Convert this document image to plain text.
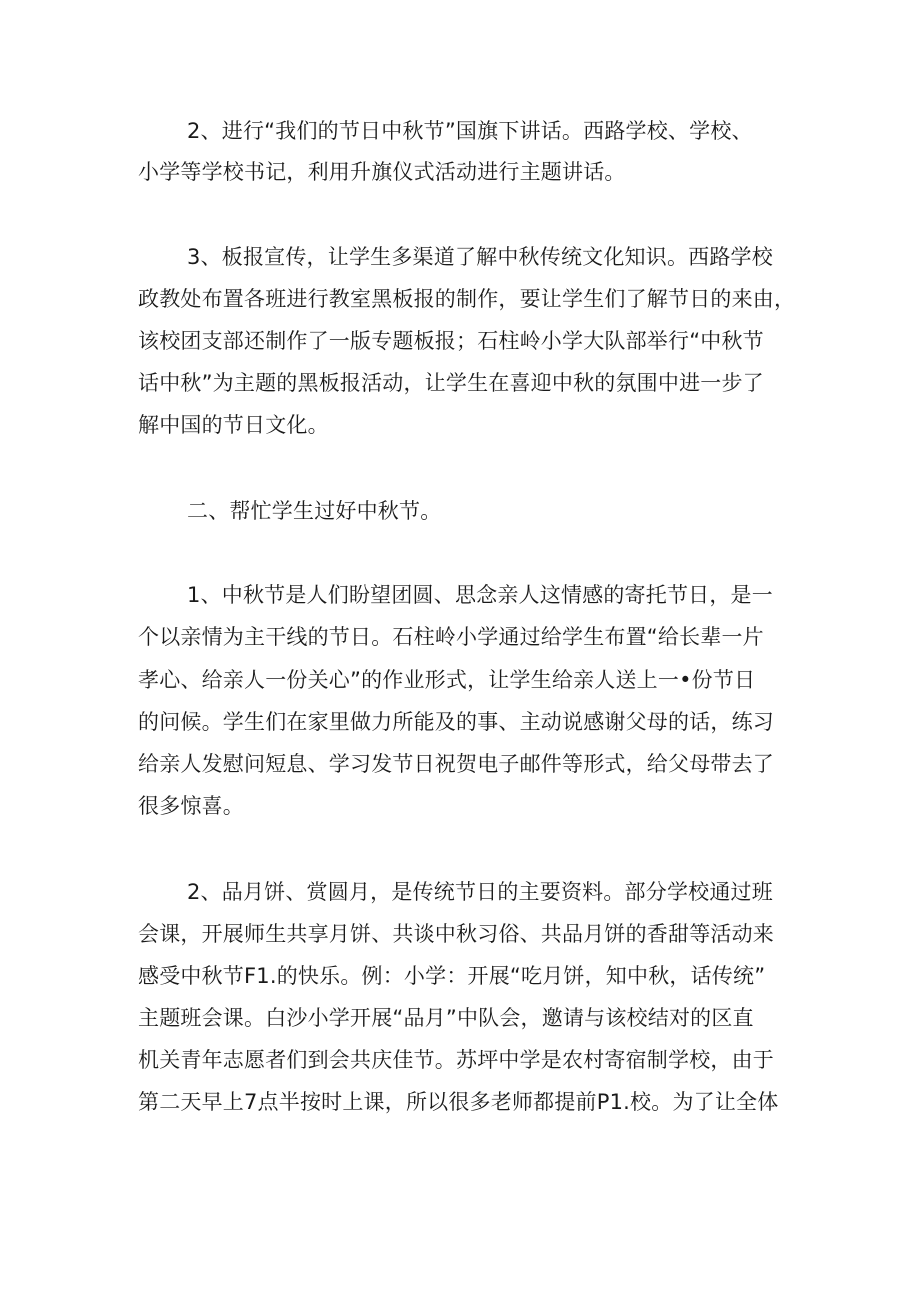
2、进行“我们的节日中秋节”国旗下讲话。西路学校、学校、
小学等学校书记，利用升旗仪式活动进行主题讲话。
3、板报宣传，让学生多渠道了解中秋传统文化知识。西路学校
政教处布置各班进行教室黑板报的制作，要让学生们了解节日的来由，
该校团支部还制作了一版专题板报；石柱岭小学大队部举行“中秋节
话中秋”为主题的黑板报活动，让学生在喜迎中秋的氛围中进一步了
解中国的节日文化。
二、帮忙学生过好中秋节。
1、中秋节是人们盼望团圆、思念亲人这情感的寄托节日，是一
个以亲情为主干线的节日。石柱岭小学通过给学生布置“给长辈一片
孝心、给亲人一份关心”的作业形式，让学生给亲人送上一•份节日
的问候。学生们在家里做力所能及的事、主动说感谢父母的话，练习
给亲人发慰问短息、学习发节日祝贺电子邮件等形式，给父母带去了
很多惊喜。
2、品月饼、赏圆月，是传统节日的主要资料。部分学校通过班
会课，开展师生共享月饼、共谈中秋习俗、共品月饼的香甜等活动来
感受中秋节F1.的快乐。例：小学：开展“吃月饼，知中秋，话传统”
主题班会课。白沙小学开展“品月”中队会，邀请与该校结对的区直
机关青年志愿者们到会共庆佳节。苏坪中学是农村寄宿制学校，由于
第二天早上7点半按时上课，所以很多老师都提前P1.校。为了让全体
